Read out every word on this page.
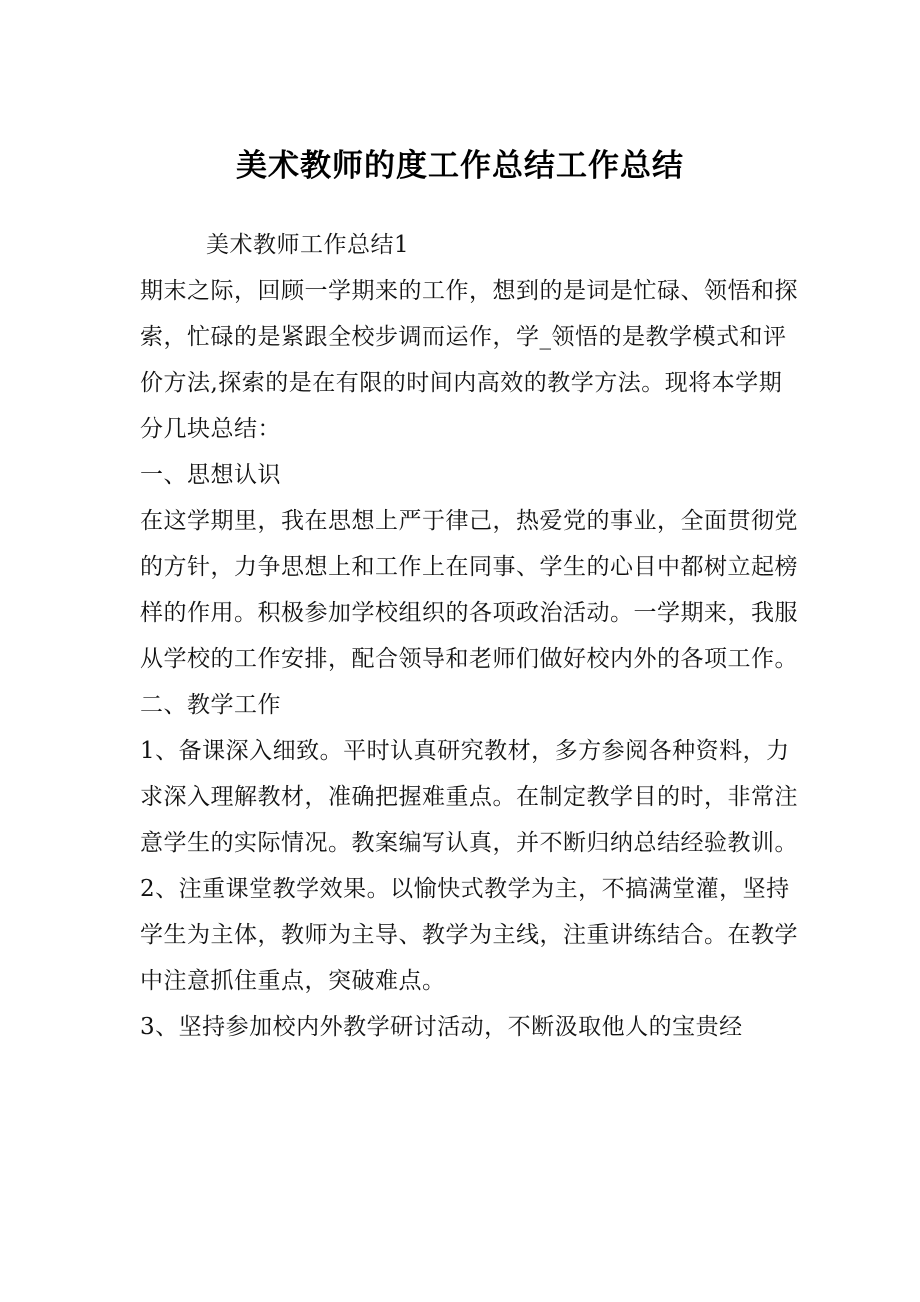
美术教师的度工作总结工作总结

美术教师工作总结1

期末之际，回顾一学期来的工作，想到的是词是忙碌、领悟和探索，忙碌的是紧跟全校步调而运作，学_领悟的是教学模式和评价方法,探索的是在有限的时间内高效的教学方法。现将本学期分几块总结：

一、思想认识

在这学期里，我在思想上严于律己，热爱党的事业，全面贯彻党的方针，力争思想上和工作上在同事、学生的心目中都树立起榜样的作用。积极参加学校组织的各项政治活动。一学期来，我服从学校的工作安排，配合领导和老师们做好校内外的各项工作。

二、教学工作

1、备课深入细致。平时认真研究教材，多方参阅各种资料，力求深入理解教材，准确把握难重点。在制定教学目的时，非常注意学生的实际情况。教案编写认真，并不断归纳总结经验教训。

2、注重课堂教学效果。以愉快式教学为主，不搞满堂灌，坚持学生为主体，教师为主导、教学为主线，注重讲练结合。在教学中注意抓住重点，突破难点。

3、坚持参加校内外教学研讨活动，不断汲取他人的宝贵经
